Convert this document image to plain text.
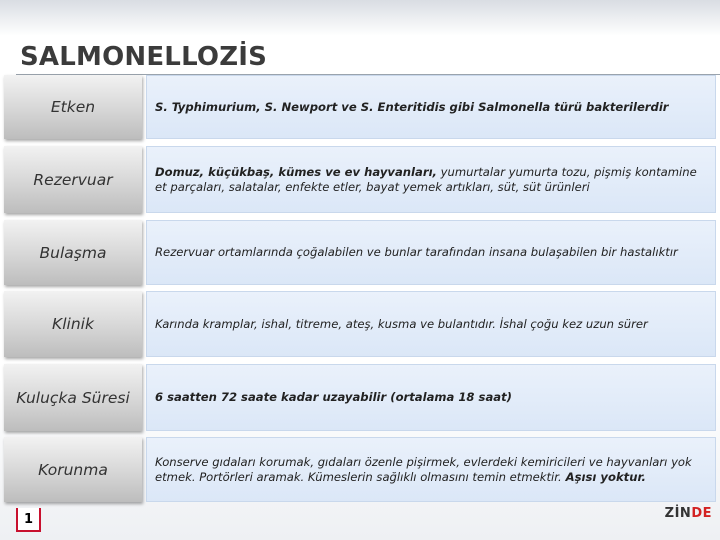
SALMONELLOZİS
Etken	S. Typhimurium, S. Newport ve S. Enteritidis gibi Salmonella türü bakterilerdir
Rezervuar	Domuz, küçükbaş, kümes ve ev hayvanları, yumurtalar yumurta tozu, pişmiş kontamine et parçaları, salatalar, enfekte etler, bayat yemek artıkları, süt, süt ürünleri
Bulaşma	Rezervuar ortamlarında çoğalabilen ve bunlar tarafından insana bulaşabilen bir hastalıktır
Klinik	Karında kramplar, ishal, titreme, ateş, kusma ve bulantıdır. İshal çoğu kez uzun sürer
Kuluçka Süresi	6 saatten 72 saate kadar uzayabilir (ortalama 18 saat)
Korunma	Konserve gıdaları korumak, gıdaları özenle pişirmek, evlerdeki kemiricileri ve hayvanları yok etmek. Portörleri aramak. Kümeslerin sağlıklı olmasını temin etmektir. Aşısı yoktur.
1	ZİNDE
